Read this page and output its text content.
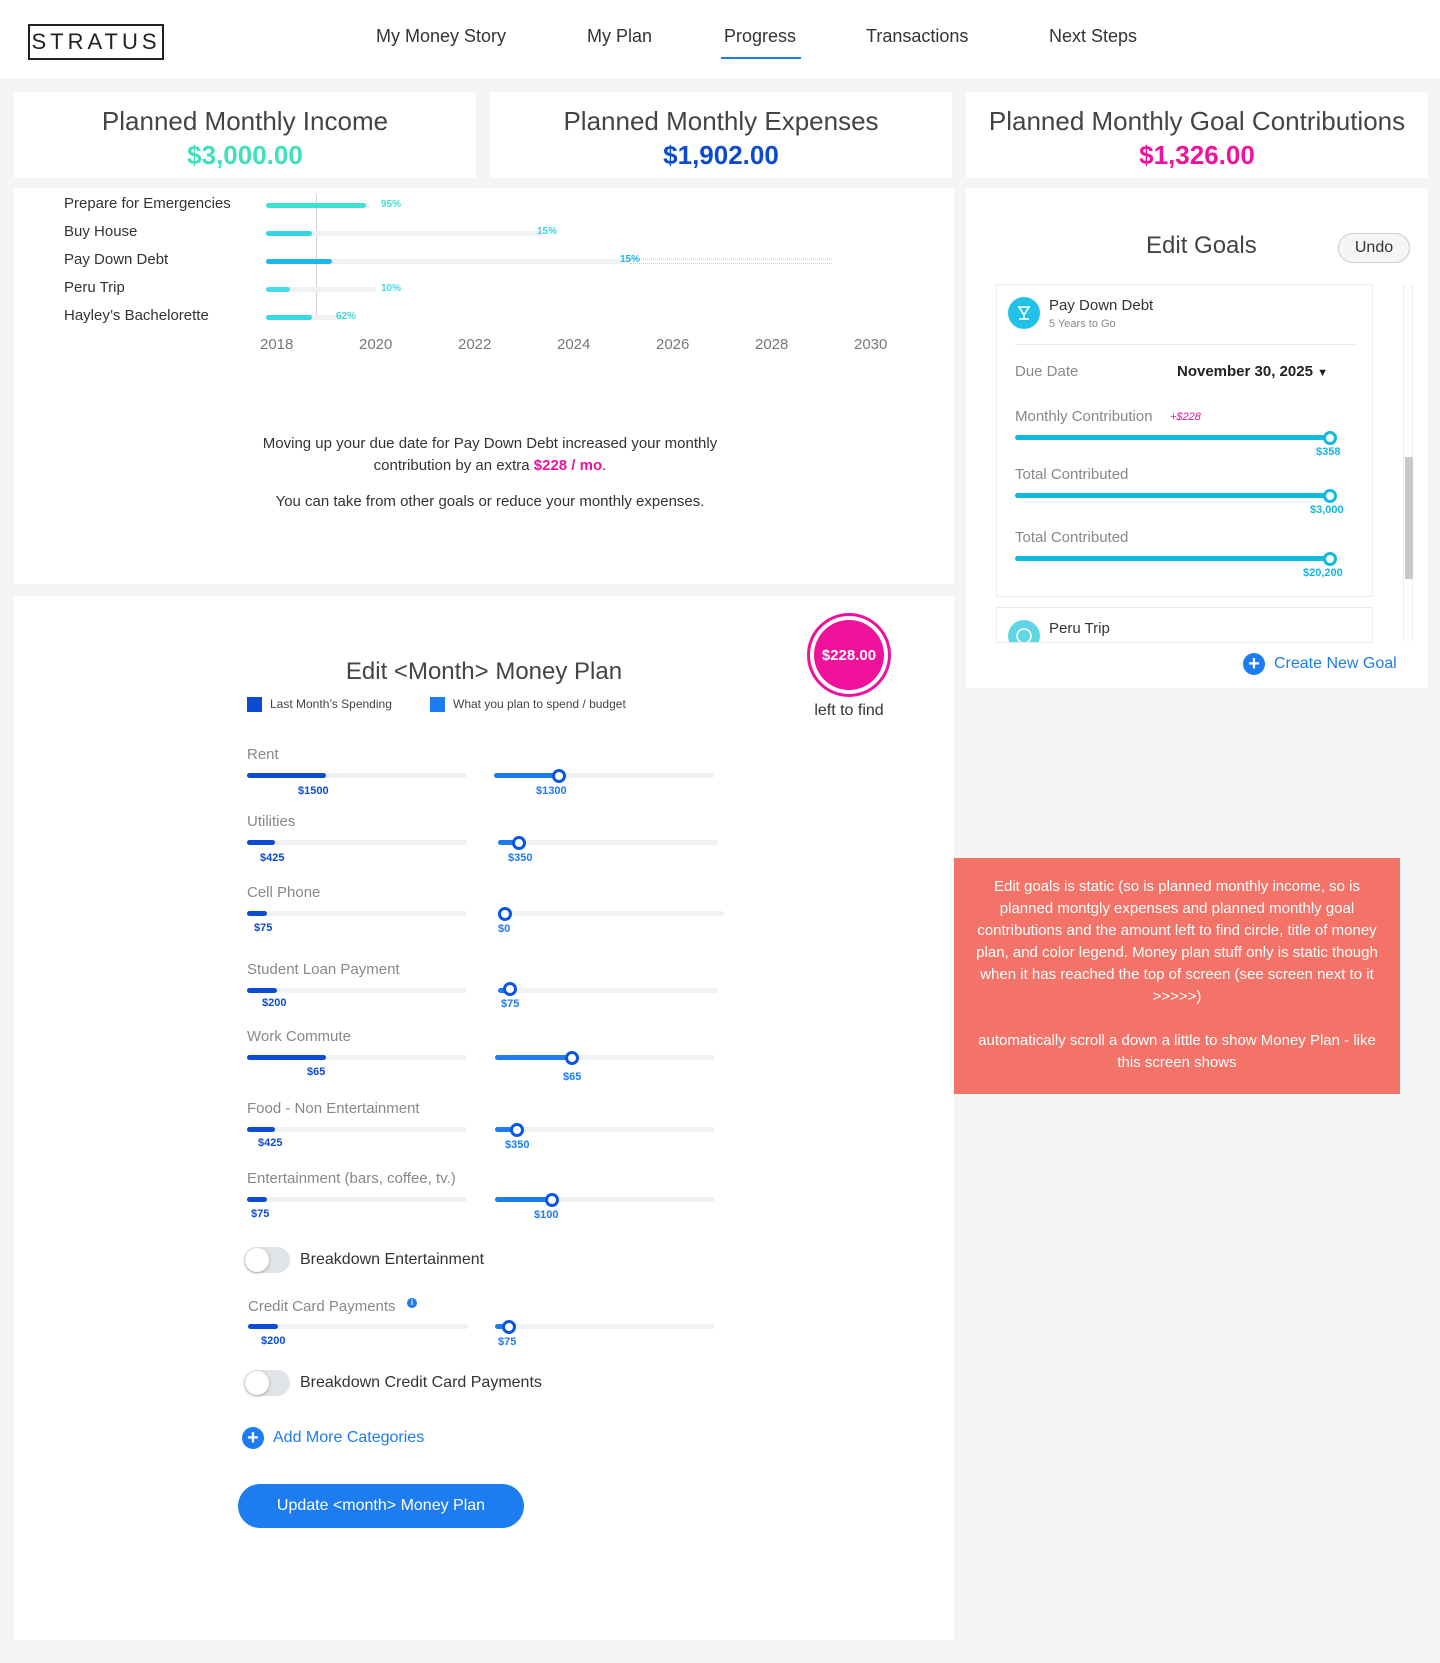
STRATUS	My Money Story	My Plan	Progress	Transactions	Next Steps
Planned Monthly Income
$3,000.00
Planned Monthly Expenses
$1,902.00
Planned Monthly Goal Contributions
$1,326.00
Prepare for Emergencies	95%
Buy House	15%
Pay Down Debt	15%
Peru Trip	10%
Hayley’s Bachelorette	62%
2018	2020	2022	2024	2026	2028	2030
Moving up your due date for Pay Down Debt increased your monthly
contribution by an extra $228 / mo.
You can take from other goals or reduce your monthly expenses.
Edit Goals	Undo
Pay Down Debt
5 Years to Go
Due Date	November 30, 2025 ▼
Monthly Contribution +$228
$358
Total Contributed
$3,000
Total Contributed
$20,200
Peru Trip
+ Create New Goal

Edit goals is static (so is planned monthly income, so is planned montgly expenses and planned monthly goal contributions and the amount left to find circle, title of money plan, and color legend. Money plan stuff only is static though when it has reached the top of screen (see screen next to it >>>>>)

automatically scroll a down a little to show Money Plan - like this screen shows

Edit <Month> Money Plan
Last Month’s Spending	What you plan to spend / budget
$228.00
left to find
Rent
$1500	$1300
Utilities
$425	$350
Cell Phone
$75	$0
Student Loan Payment
$200	$75
Work Commute
$65	$65
Food - Non Entertainment
$425	$350
Entertainment (bars, coffee, tv.)
$75	$100
Breakdown Entertainment
Credit Card Payments	i
$200	$75
Breakdown Credit Card Payments
+ Add More Categories
Update <month> Money Plan
